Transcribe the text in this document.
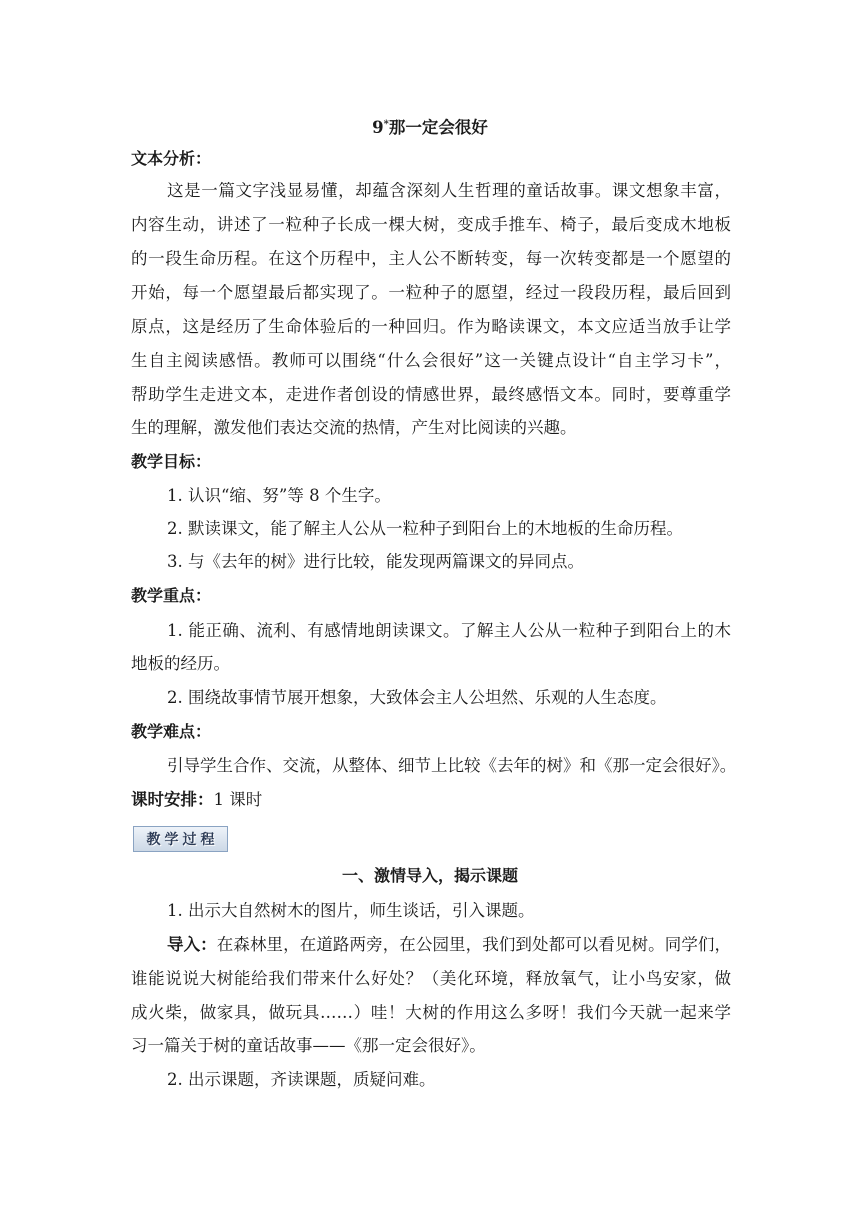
9*那一定会很好
文本分析：
这是一篇文字浅显易懂，却蕴含深刻人生哲理的童话故事。课文想象丰富，
内容生动，讲述了一粒种子长成一棵大树，变成手推车、椅子，最后变成木地板
的一段生命历程。在这个历程中，主人公不断转变，每一次转变都是一个愿望的
开始，每一个愿望最后都实现了。一粒种子的愿望，经过一段段历程，最后回到
原点，这是经历了生命体验后的一种回归。作为略读课文，本文应适当放手让学
生自主阅读感悟。教师可以围绕“什么会很好”这一关键点设计“自主学习卡”，
帮助学生走进文本，走进作者创设的情感世界，最终感悟文本。同时，要尊重学
生的理解，激发他们表达交流的热情，产生对比阅读的兴趣。
教学目标：
1. 认识“缩、努”等 8 个生字。
2. 默读课文，能了解主人公从一粒种子到阳台上的木地板的生命历程。
3. 与《去年的树》进行比较，能发现两篇课文的异同点。
教学重点：
1. 能正确、流利、有感情地朗读课文。了解主人公从一粒种子到阳台上的木
地板的经历。
2. 围绕故事情节展开想象，大致体会主人公坦然、乐观的人生态度。
教学难点：
引导学生合作、交流，从整体、细节上比较《去年的树》和《那一定会很好》。
课时安排：1 课时
教 学 过 程
一、激情导入，揭示课题
1. 出示大自然树木的图片，师生谈话，引入课题。
导入：在森林里，在道路两旁，在公园里，我们到处都可以看见树。同学们，
谁能说说大树能给我们带来什么好处？（美化环境，释放氧气，让小鸟安家，做
成火柴，做家具，做玩具……）哇！大树的作用这么多呀！我们今天就一起来学
习一篇关于树的童话故事——《那一定会很好》。
2. 出示课题，齐读课题，质疑问难。
